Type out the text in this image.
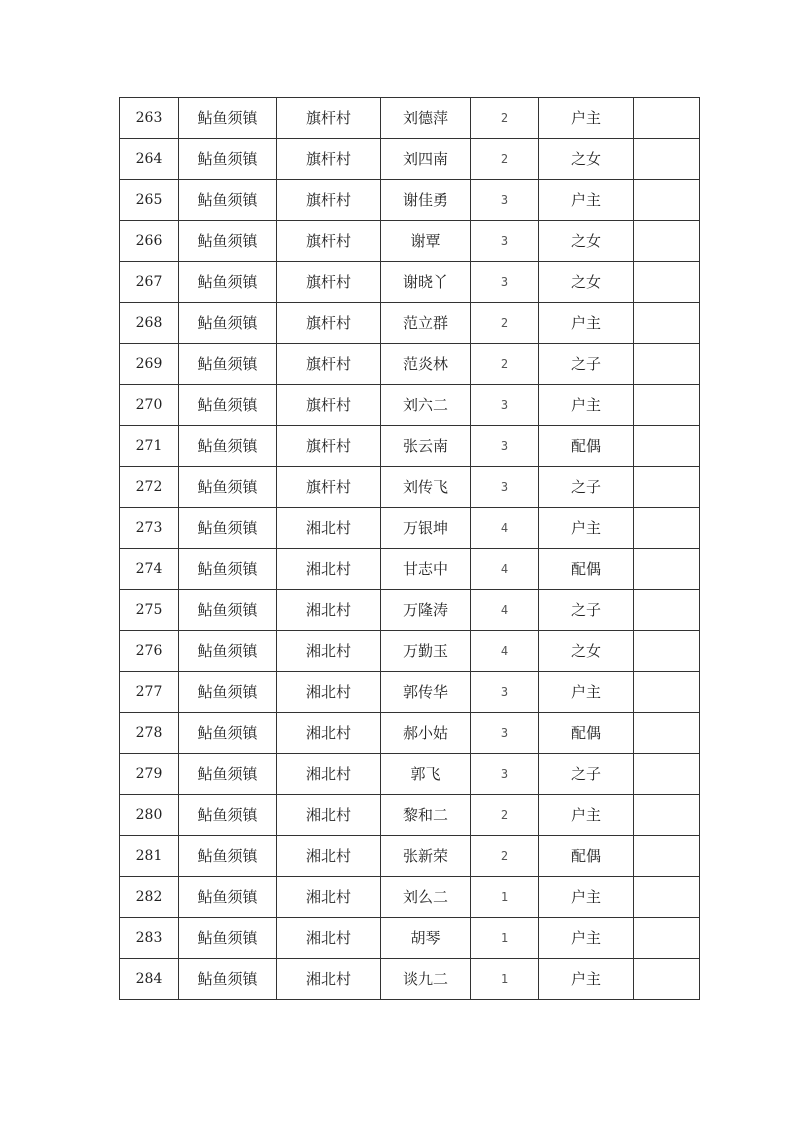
263	鲇鱼须镇	旗杆村	刘德萍	2	户主	
264	鲇鱼须镇	旗杆村	刘四南	2	之女	
265	鲇鱼须镇	旗杆村	谢佳勇	3	户主	
266	鲇鱼须镇	旗杆村	谢覃	3	之女	
267	鲇鱼须镇	旗杆村	谢晓丫	3	之女	
268	鲇鱼须镇	旗杆村	范立群	2	户主	
269	鲇鱼须镇	旗杆村	范炎林	2	之子	
270	鲇鱼须镇	旗杆村	刘六二	3	户主	
271	鲇鱼须镇	旗杆村	张云南	3	配偶	
272	鲇鱼须镇	旗杆村	刘传飞	3	之子	
273	鲇鱼须镇	湘北村	万银坤	4	户主	
274	鲇鱼须镇	湘北村	甘志中	4	配偶	
275	鲇鱼须镇	湘北村	万隆涛	4	之子	
276	鲇鱼须镇	湘北村	万勤玉	4	之女	
277	鲇鱼须镇	湘北村	郭传华	3	户主	
278	鲇鱼须镇	湘北村	郝小姑	3	配偶	
279	鲇鱼须镇	湘北村	郭飞	3	之子	
280	鲇鱼须镇	湘北村	黎和二	2	户主	
281	鲇鱼须镇	湘北村	张新荣	2	配偶	
282	鲇鱼须镇	湘北村	刘么二	1	户主	
283	鲇鱼须镇	湘北村	胡琴	1	户主	
284	鲇鱼须镇	湘北村	谈九二	1	户主	
